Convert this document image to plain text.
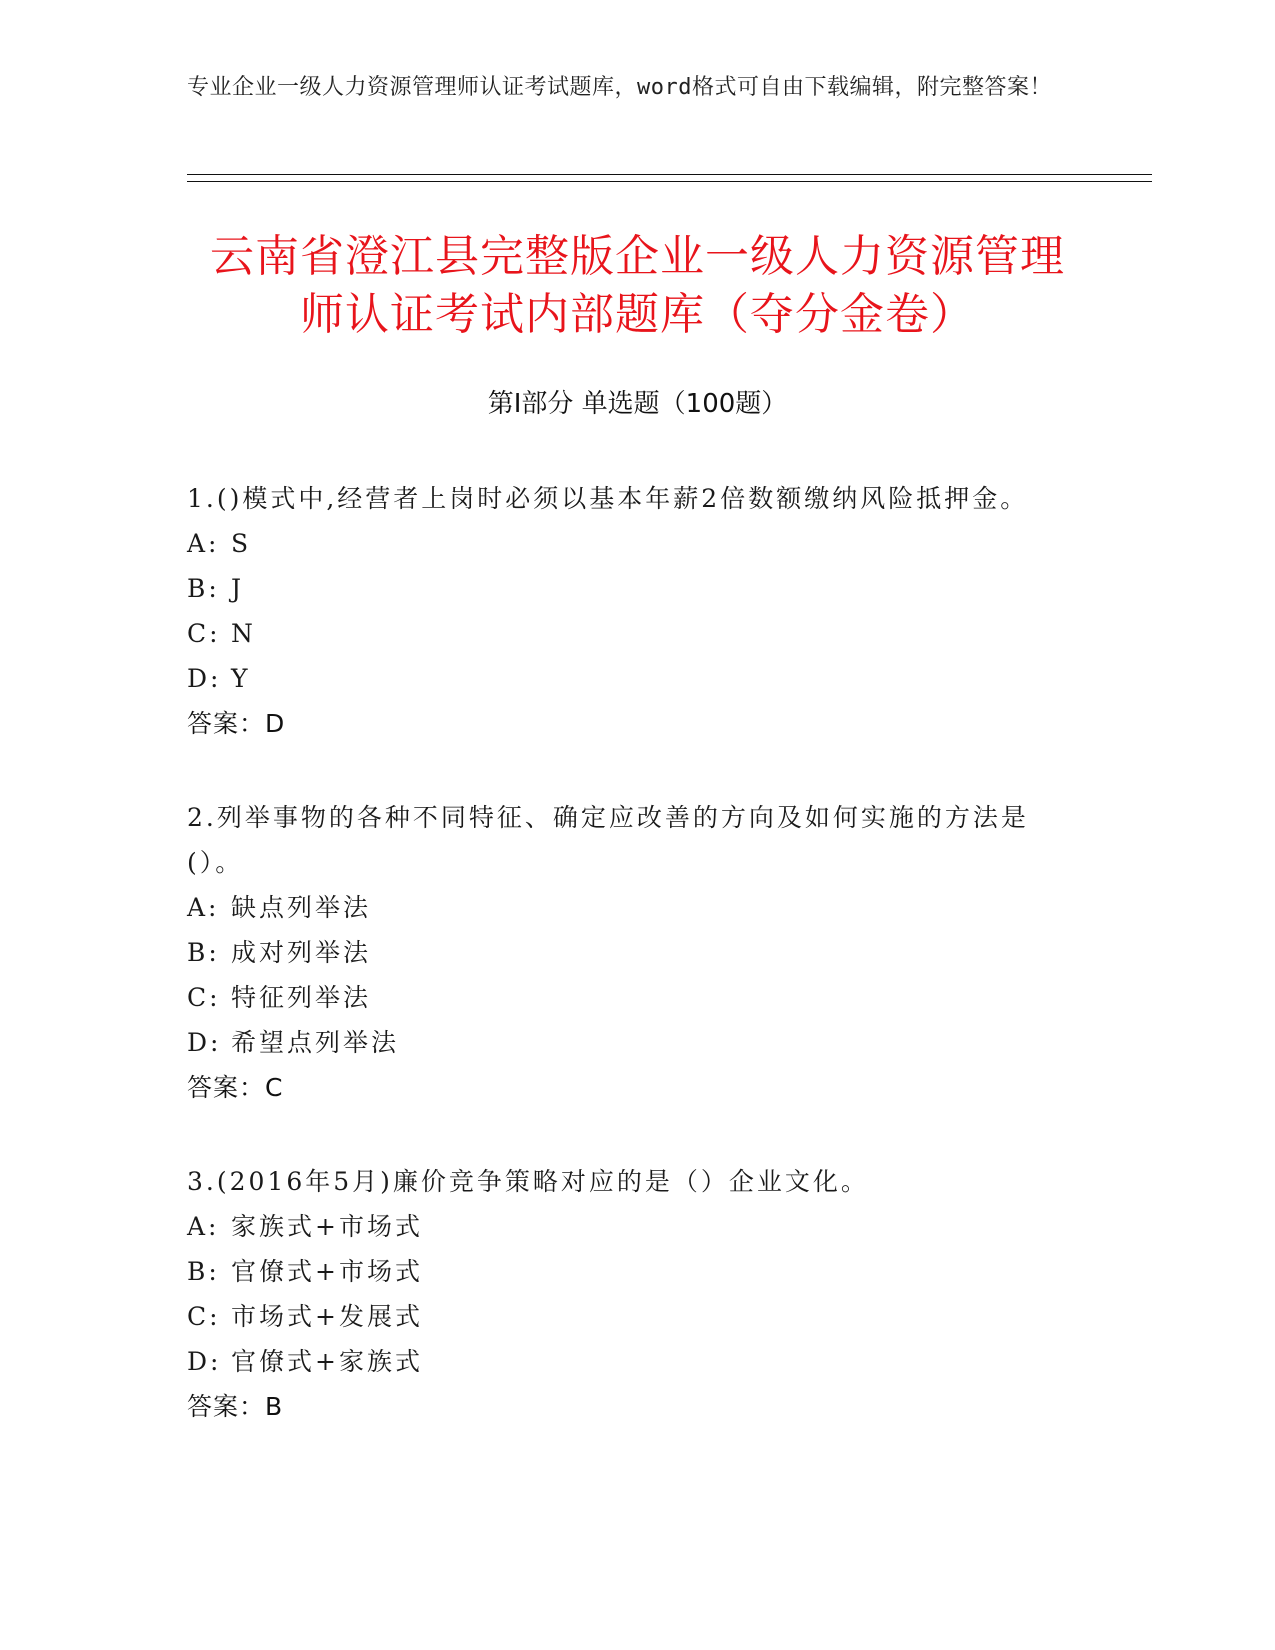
专业企业一级人力资源管理师认证考试题库，word格式可自由下载编辑，附完整答案！
云南省澄江县完整版企业一级人力资源管理
师认证考试内部题库（夺分金卷）
第Ⅰ部分 单选题（100题）
1.()模式中,经营者上岗时必须以基本年薪2倍数额缴纳风险抵押金。
A: S
B: J
C: N
D: Y
答案：D
2.列举事物的各种不同特征、确定应改善的方向及如何实施的方法是(）。
A: 缺点列举法
B: 成对列举法
C: 特征列举法
D: 希望点列举法
答案：C
3.(2016年5月)廉价竞争策略对应的是（）企业文化。
A: 家族式+市场式
B: 官僚式+市场式
C: 市场式+发展式
D: 官僚式+家族式
答案：B
